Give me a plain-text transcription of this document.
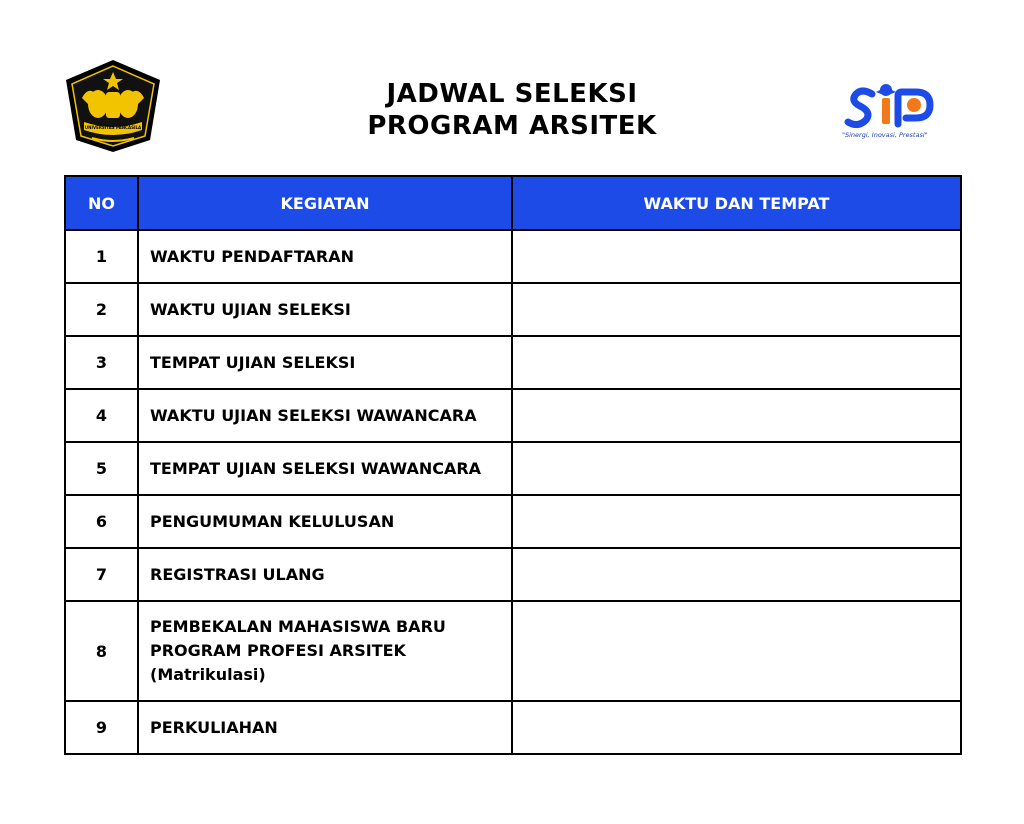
UNIVERSITAS PANCASILA
JADWAL SELEKSI
PROGRAM ARSITEK	"Sinergi, Inovasi, Prestasi"
NO	KEGIATAN	WAKTU DAN TEMPAT
1	WAKTU PENDAFTARAN	
2	WAKTU UJIAN SELEKSI	
3	TEMPAT UJIAN SELEKSI	
4	WAKTU UJIAN SELEKSI WAWANCARA	
5	TEMPAT UJIAN SELEKSI WAWANCARA	
6	PENGUMUMAN KELULUSAN	
7	REGISTRASI ULANG	
8	PEMBEKALAN MAHASISWA BARU
PROGRAM PROFESI ARSITEK
(Matrikulasi)	

9	PERKULIAHAN	
